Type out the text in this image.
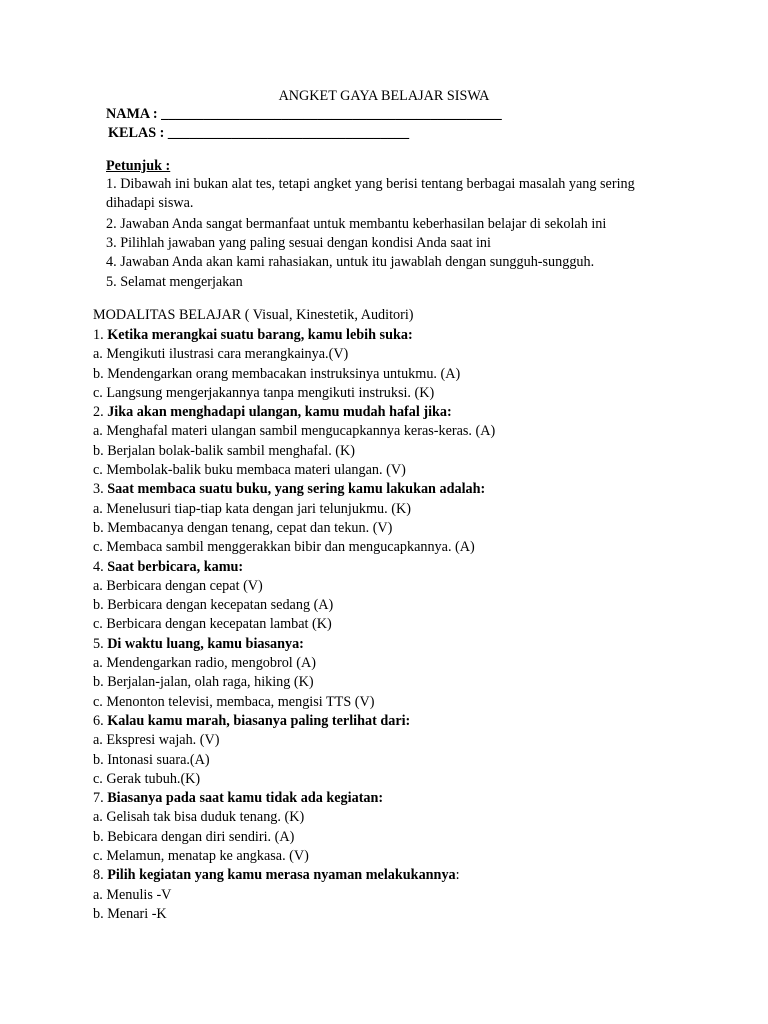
ANGKET GAYA BELAJAR SISWA
NAMA : ________________________________________________
KELAS : __________________________________
Petunjuk :
1. Dibawah ini bukan alat tes, tetapi angket yang berisi tentang berbagai masalah yang sering dihadapi siswa.
2. Jawaban Anda sangat bermanfaat untuk membantu keberhasilan belajar di sekolah ini
3. Pilihlah jawaban yang paling sesuai dengan kondisi Anda saat ini
4. Jawaban Anda akan kami rahasiakan, untuk itu jawablah dengan sungguh-sungguh.
5. Selamat mengerjakan
MODALITAS BELAJAR ( Visual, Kinestetik, Auditori)
1. Ketika merangkai suatu barang, kamu lebih suka:
a. Mengikuti ilustrasi cara merangkainya.(V)
b. Mendengarkan orang membacakan instruksinya untukmu. (A)
c. Langsung mengerjakannya tanpa mengikuti instruksi. (K)
2. Jika akan menghadapi ulangan, kamu mudah hafal jika:
a. Menghafal materi ulangan sambil mengucapkannya keras-keras. (A)
b. Berjalan bolak-balik sambil menghafal. (K)
c. Membolak-balik buku membaca materi ulangan. (V)
3. Saat membaca suatu buku, yang sering kamu lakukan adalah:
a. Menelusuri tiap-tiap kata dengan jari telunjukmu. (K)
b. Membacanya dengan tenang, cepat dan tekun. (V)
c. Membaca sambil menggerakkan bibir dan mengucapkannya. (A)
4. Saat berbicara, kamu:
a. Berbicara dengan cepat (V)
b. Berbicara dengan kecepatan sedang (A)
c. Berbicara dengan kecepatan lambat (K)
5. Di waktu luang, kamu biasanya:
a. Mendengarkan radio, mengobrol (A)
b. Berjalan-jalan, olah raga, hiking (K)
c. Menonton televisi, membaca, mengisi TTS (V)
6. Kalau kamu marah, biasanya paling terlihat dari:
a. Ekspresi wajah. (V)
b. Intonasi suara.(A)
c. Gerak tubuh.(K)
7. Biasanya pada saat kamu tidak ada kegiatan:
a. Gelisah tak bisa duduk tenang. (K)
b. Bebicara dengan diri sendiri. (A)
c. Melamun, menatap ke angkasa. (V)
8. Pilih kegiatan yang kamu merasa nyaman melakukannya:
a. Menulis -V
b. Menari -K
